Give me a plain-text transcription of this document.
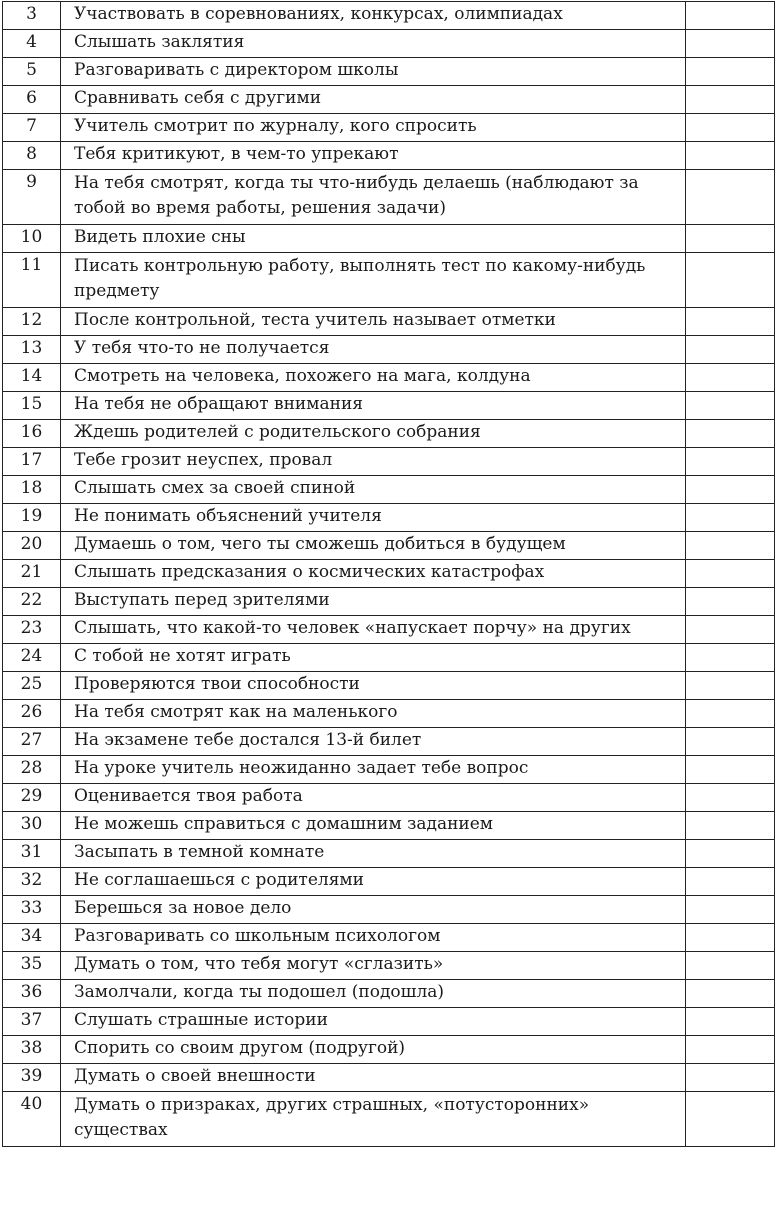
3	Участвовать в соревнованиях, конкурсах, олимпиадах	
4	Слышать заклятия	
5	Разговаривать с директором школы	
6	Сравнивать себя с другими	
7	Учитель смотрит по журналу, кого спросить	
8	Тебя критикуют, в чем-то упрекают	
9	На тебя смотрят, когда ты что-нибудь делаешь (наблюдают за тобой во время работы, решения задачи)	
10	Видеть плохие сны	
11	Писать контрольную работу, выполнять тест по какому-нибудь предмету	
12	После контрольной, теста учитель называет отметки	
13	У тебя что-то не получается	
14	Смотреть на человека, похожего на мага, колдуна	
15	На тебя не обращают внимания	
16	Ждешь родителей с родительского собрания	
17	Тебе грозит неуспех, провал	
18	Слышать смех за своей спиной	
19	Не понимать объяснений учителя	
20	Думаешь о том, чего ты сможешь добиться в будущем	
21	Слышать предсказания о космических катастрофах	
22	Выступать перед зрителями	
23	Слышать, что какой-то человек «напускает порчу» на других	
24	С тобой не хотят играть	
25	Проверяются твои способности	
26	На тебя смотрят как на маленького	
27	На экзамене тебе достался 13-й билет	
28	На уроке учитель неожиданно задает тебе вопрос	
29	Оценивается твоя работа	
30	Не можешь справиться с домашним заданием	
31	Засыпать в темной комнате	
32	Не соглашаешься с родителями	
33	Берешься за новое дело	
34	Разговаривать со школьным психологом	
35	Думать о том, что тебя могут «сглазить»	
36	Замолчали, когда ты подошел (подошла)	
37	Слушать страшные истории	
38	Спорить со своим другом (подругой)	
39	Думать о своей внешности	
40	Думать о призраках, других страшных, «потусторонних» существах	
